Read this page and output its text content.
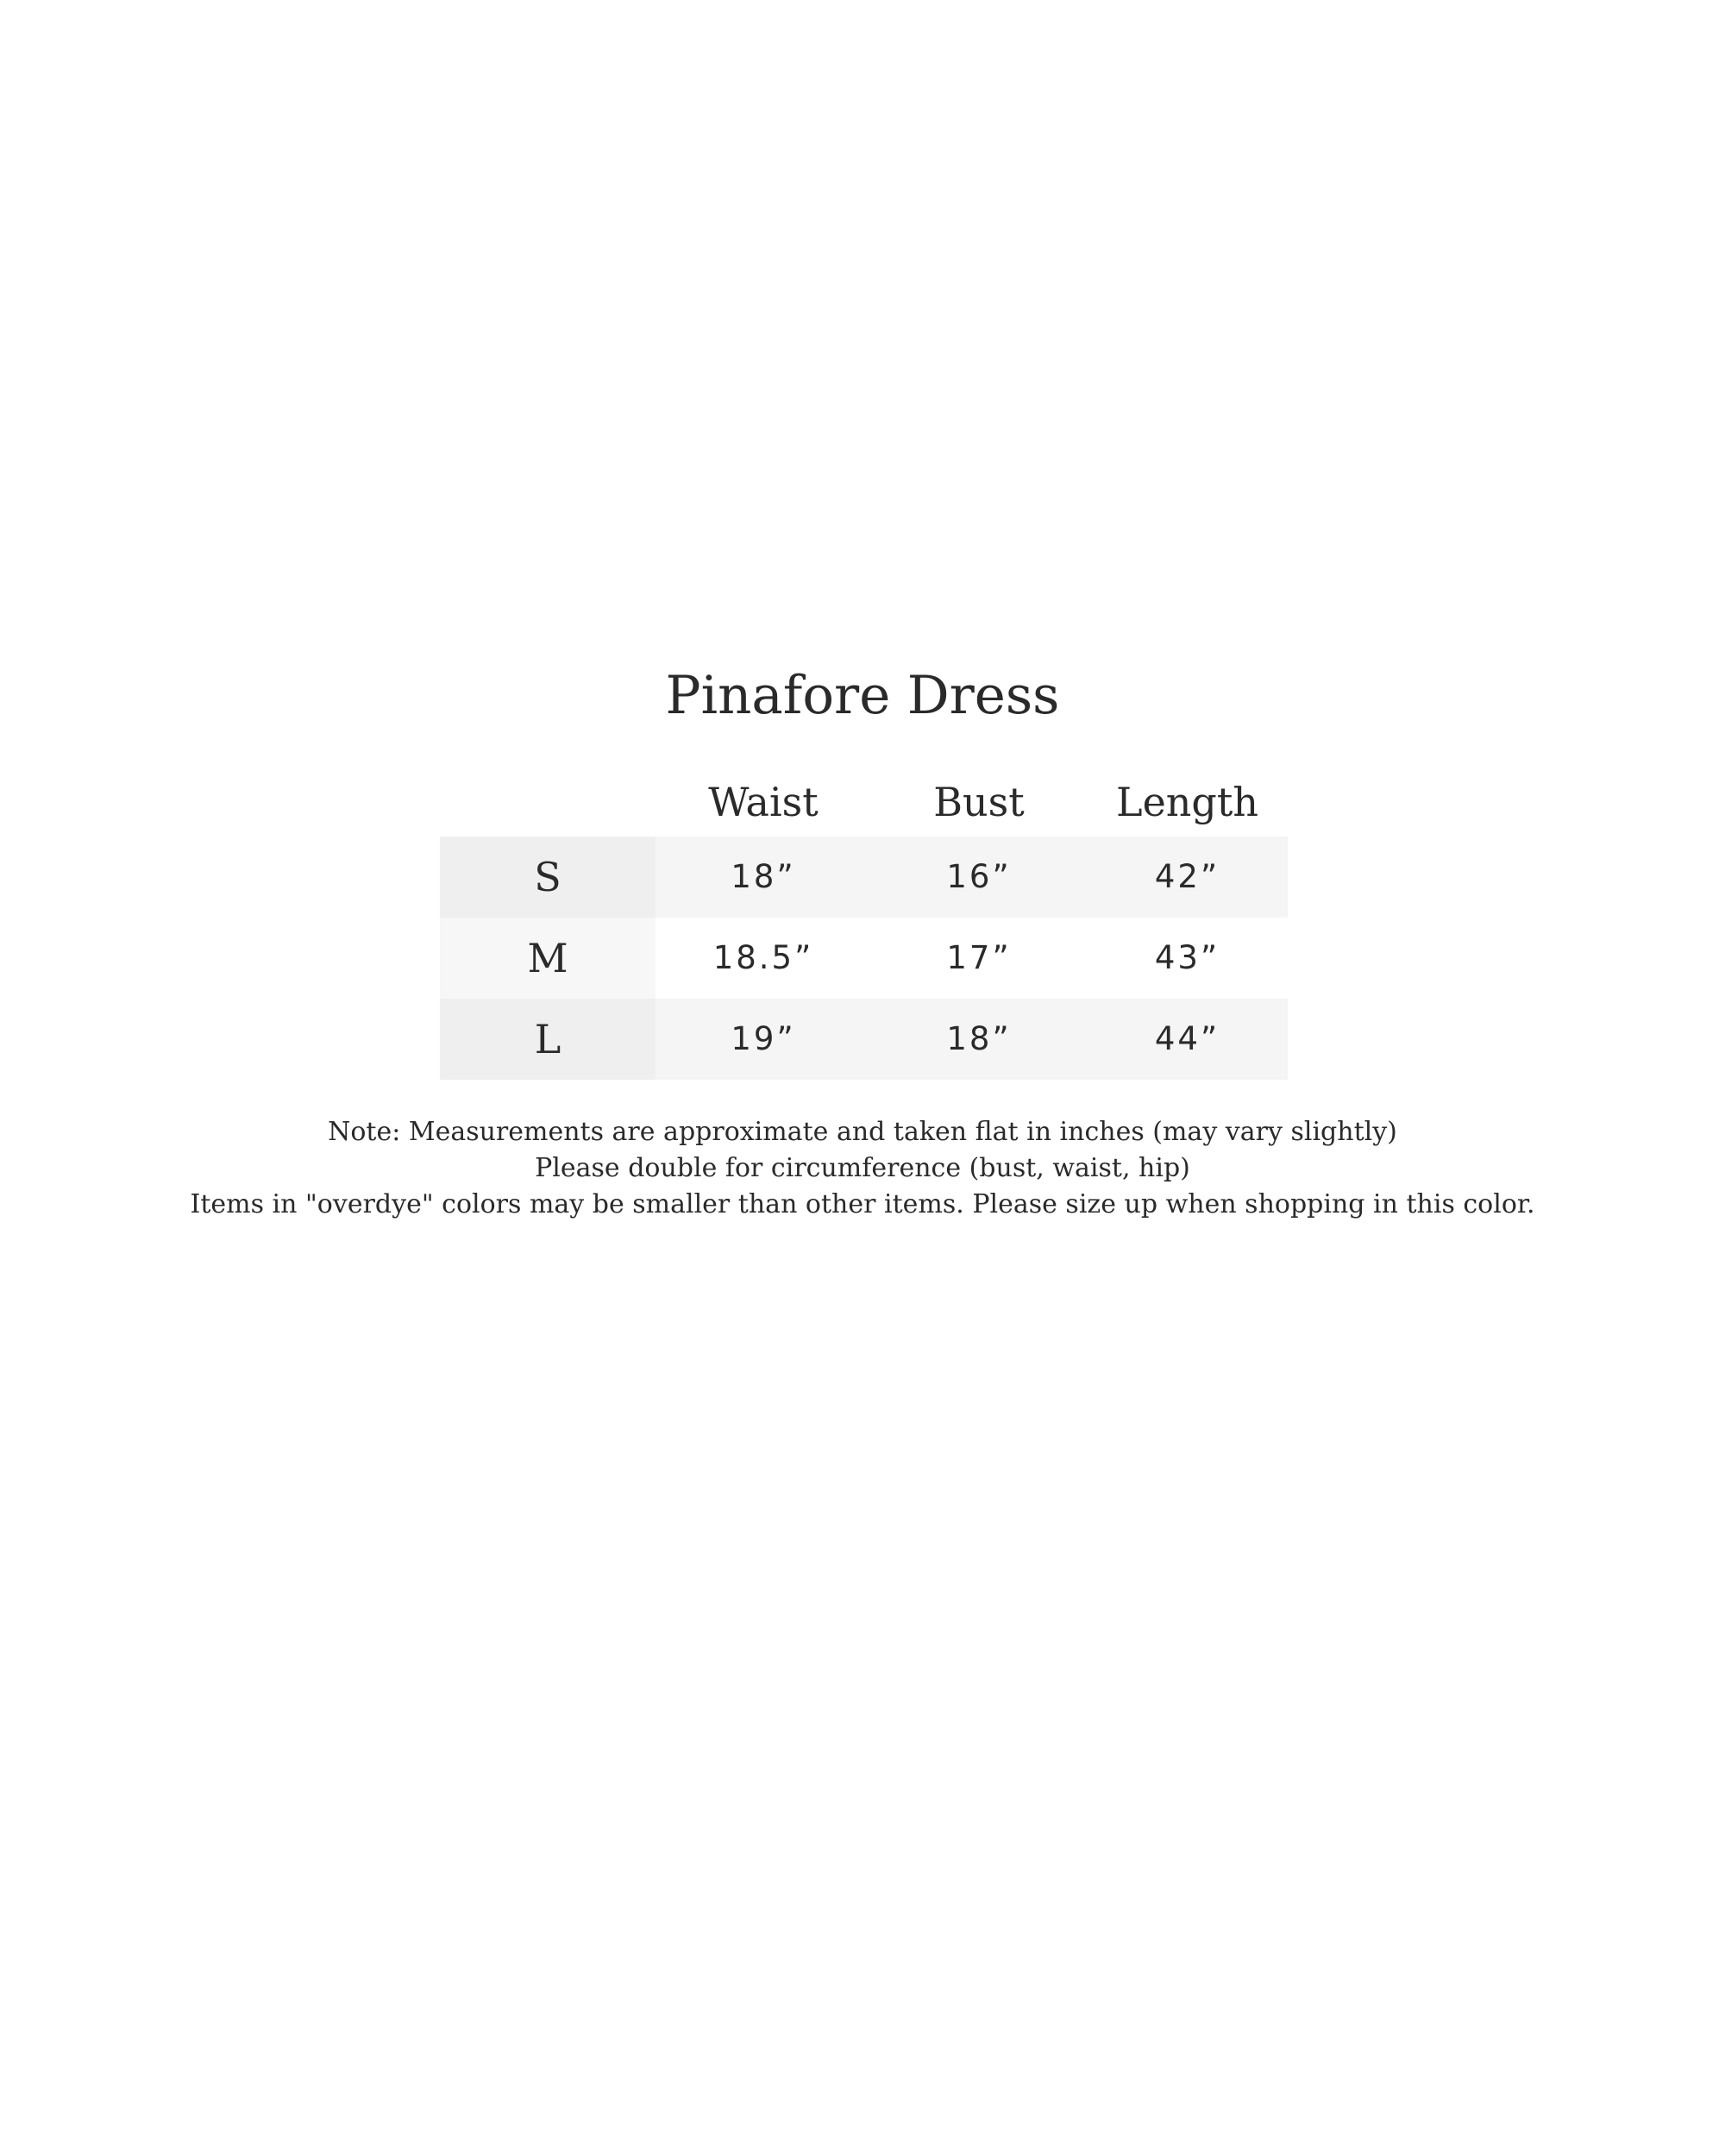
Pinafore Dress
Waist	Bust	Length
S	18”	16”	42”
M	18.5”	17”	43”
L	19”	18”	44”
Note: Measurements are approximate and taken flat in inches (may vary slightly)
Please double for circumference (bust, waist, hip)
Items in "overdye" colors may be smaller than other items. Please size up when shopping in this color.
